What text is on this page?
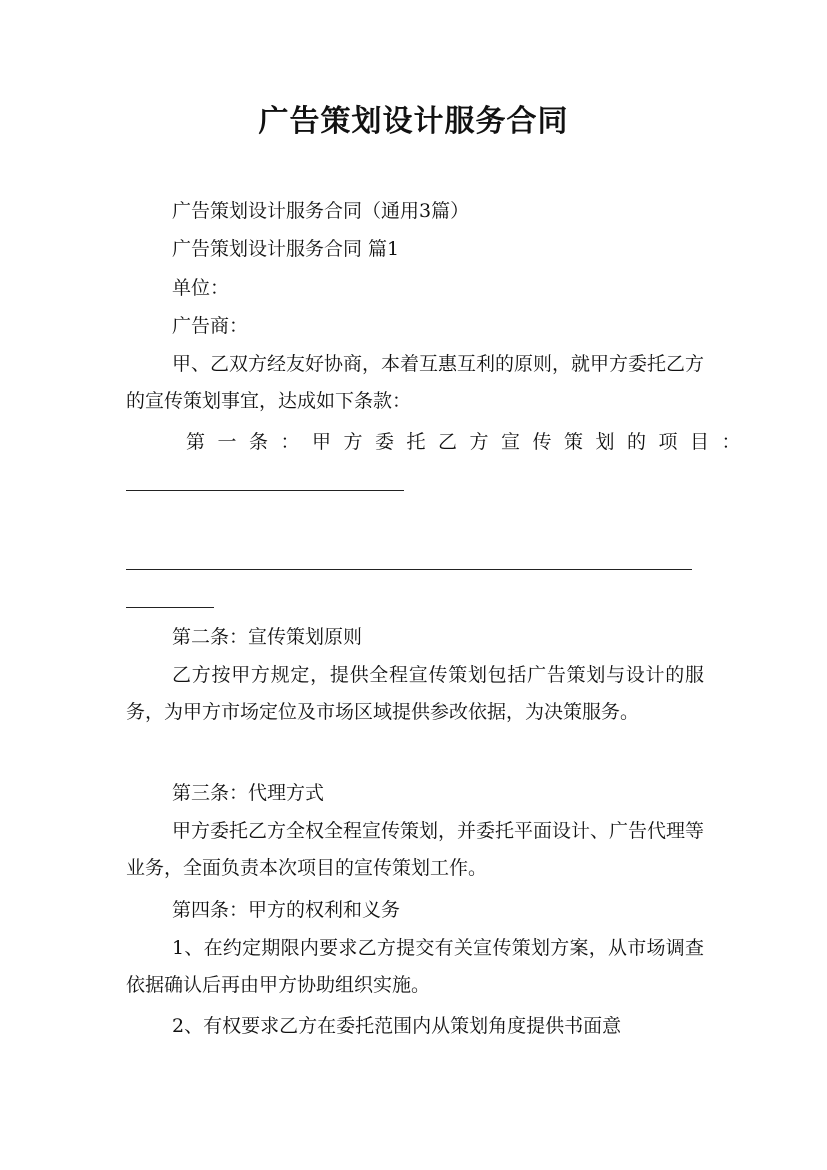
广告策划设计服务合同
广告策划设计服务合同（通用3篇）
广告策划设计服务合同 篇1
单位：
广告商：
甲、乙双方经友好协商，本着互惠互利的原则，就甲方委托乙方的宣传策划事宜，达成如下条款：
第一条：甲方委托乙方宣传策划的项目：
第二条：宣传策划原则
乙方按甲方规定，提供全程宣传策划包括广告策划与设计的服务，为甲方市场定位及市场区域提供参改依据，为决策服务。
第三条：代理方式
甲方委托乙方全权全程宣传策划，并委托平面设计、广告代理等业务，全面负责本次项目的宣传策划工作。
第四条：甲方的权利和义务
1、在约定期限内要求乙方提交有关宣传策划方案，从市场调查依据确认后再由甲方协助组织实施。
2、有权要求乙方在委托范围内从策划角度提供书面意
